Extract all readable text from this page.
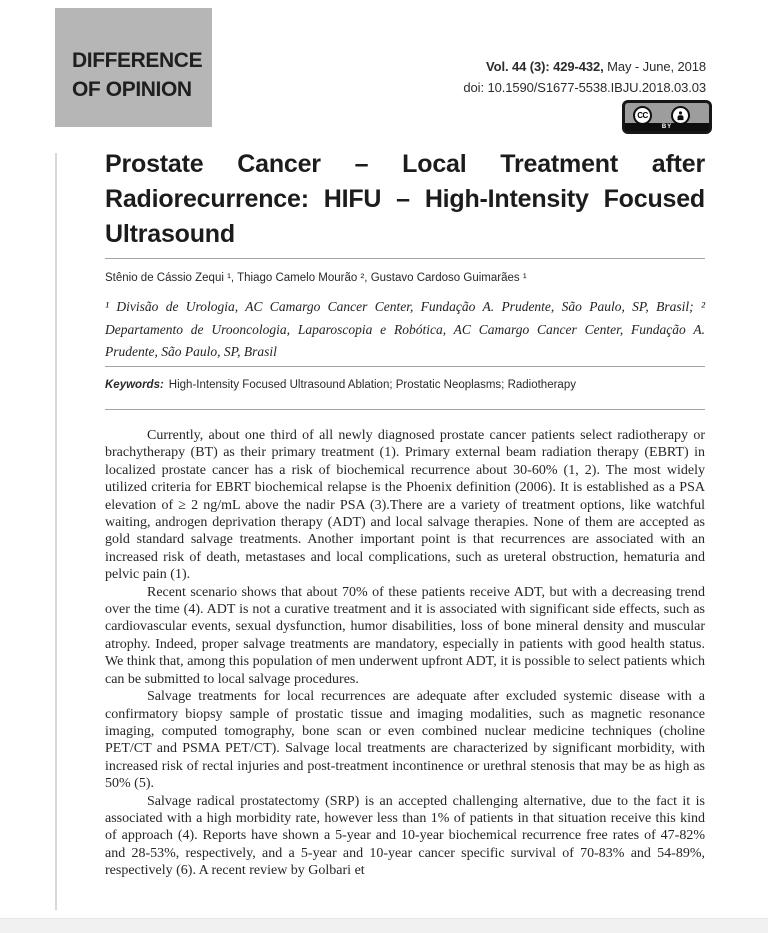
DIFFERENCE
OF OPINION
Vol. 44 (3): 429-432, May - June, 2018
doi: 10.1590/S1677-5538.IBJU.2018.03.03
CC
BY
Prostate Cancer – Local Treatment after
Radiorecurrence: HIFU – High-Intensity Focused
Ultrasound
Stênio de Cássio Zequi ¹, Thiago Camelo Mourão ², Gustavo Cardoso Guimarães ¹
¹ Divisão de Urologia, AC Camargo Cancer Center, Fundação A. Prudente, São Paulo, SP, Brasil; ² Departamento de Urooncologia, Laparoscopia e Robótica, AC Camargo Cancer Center, Fundação A. Prudente, São Paulo, SP, Brasil
Keywords: High-Intensity Focused Ultrasound Ablation; Prostatic Neoplasms; Radiotherapy

Currently, about one third of all newly diagnosed prostate cancer patients select radiotherapy or brachytherapy (BT) as their primary treatment (1). Primary external beam radiation therapy (EBRT) in localized prostate cancer has a risk of biochemical recurrence about 30-60% (1, 2). The most widely utilized criteria for EBRT biochemical relapse is the Phoenix definition (2006). It is established as a PSA elevation of ≥ 2 ng/mL above the nadir PSA (3).There are a variety of treatment options, like watchful waiting, androgen deprivation therapy (ADT) and local salvage therapies. None of them are accepted as gold standard salvage treatments. Another important point is that recurrences are associated with an increased risk of death, metastases and local complications, such as ureteral obstruction, hematuria and pelvic pain (1).

Recent scenario shows that about 70% of these patients receive ADT, but with a decreasing trend over the time (4). ADT is not a curative treatment and it is associated with significant side effects, such as cardiovascular events, sexual dysfunction, humor disabilities, loss of bone mineral density and muscular atrophy. Indeed, proper salvage treatments are mandatory, especially in patients with good health status. We think that, among this population of men underwent upfront ADT, it is possible to select patients which can be submitted to local salvage procedures.

Salvage treatments for local recurrences are adequate after excluded systemic disease with a confirmatory biopsy sample of prostatic tissue and imaging modalities, such as magnetic resonance imaging, computed tomography, bone scan or even combined nuclear medicine techniques (choline PET/CT and PSMA PET/CT). Salvage local treatments are characterized by significant morbidity, with increased risk of rectal injuries and post-treatment incontinence or urethral stenosis that may be as high as 50% (5).

Salvage radical prostatectomy (SRP) is an accepted challenging alternative, due to the fact it is associated with a high morbidity rate, however less than 1% of patients in that situation receive this kind of approach (4). Reports have shown a 5-year and 10-year biochemical recurrence free rates of 47-82% and 28-53%, respectively, and a 5-year and 10-year cancer specific survival of 70-83% and 54-89%, respectively (6). A recent review by Golbari et
